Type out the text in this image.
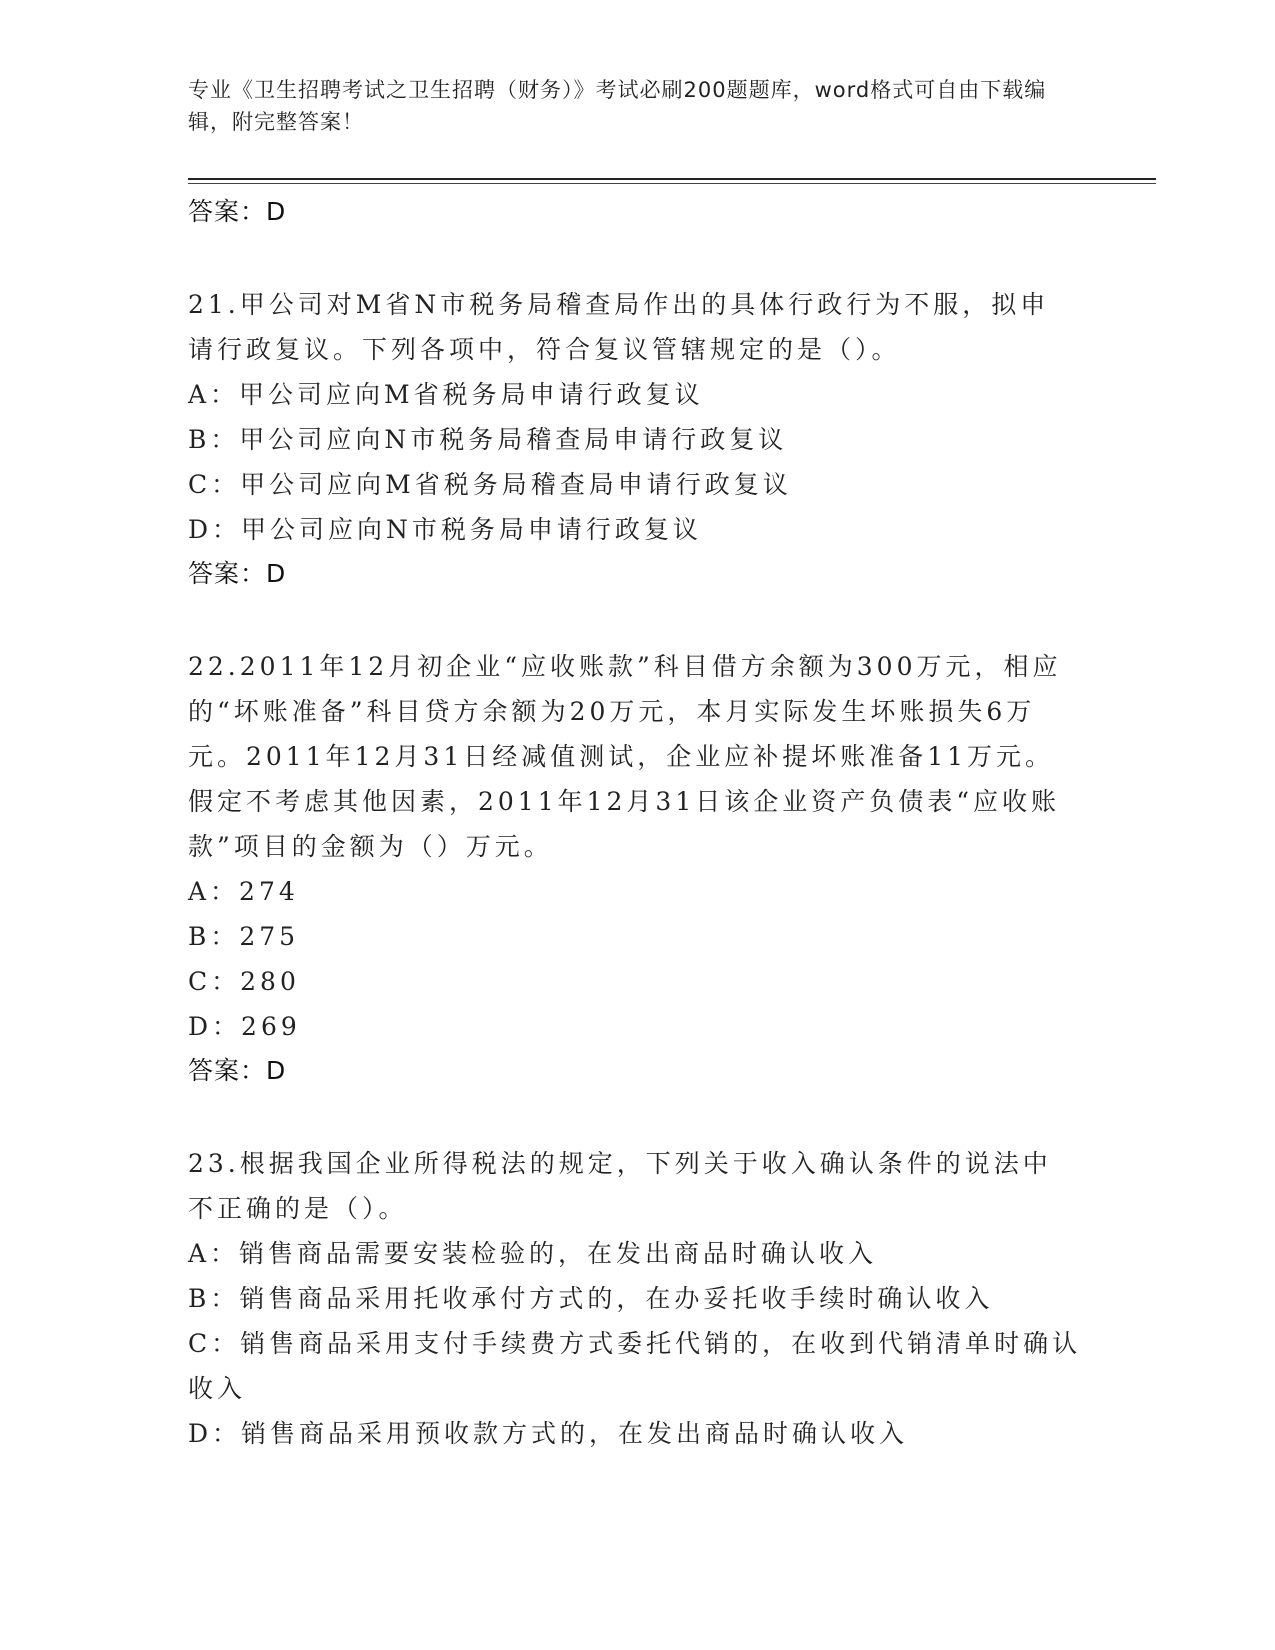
专业《卫生招聘考试之卫生招聘（财务）》考试必刷200题题库，word格式可自由下载编辑，附完整答案！
答案：D
21.甲公司对M省N市税务局稽查局作出的具体行政行为不服，拟申请行政复议。下列各项中，符合复议管辖规定的是（）。
A：甲公司应向M省税务局申请行政复议
B：甲公司应向N市税务局稽查局申请行政复议
C：甲公司应向M省税务局稽查局申请行政复议
D：甲公司应向N市税务局申请行政复议
答案：D
22.2011年12月初企业“应收账款”科目借方余额为300万元，相应的“坏账准备”科目贷方余额为20万元，本月实际发生坏账损失6万元。2011年12月31日经减值测试，企业应补提坏账准备11万元。假定不考虑其他因素，2011年12月31日该企业资产负债表“应收账款”项目的金额为（）万元。
A：274
B：275
C：280
D：269
答案：D
23.根据我国企业所得税法的规定，下列关于收入确认条件的说法中不正确的是（）。
A：销售商品需要安装检验的，在发出商品时确认收入
B：销售商品采用托收承付方式的，在办妥托收手续时确认收入
C：销售商品采用支付手续费方式委托代销的，在收到代销清单时确认收入
D：销售商品采用预收款方式的，在发出商品时确认收入
